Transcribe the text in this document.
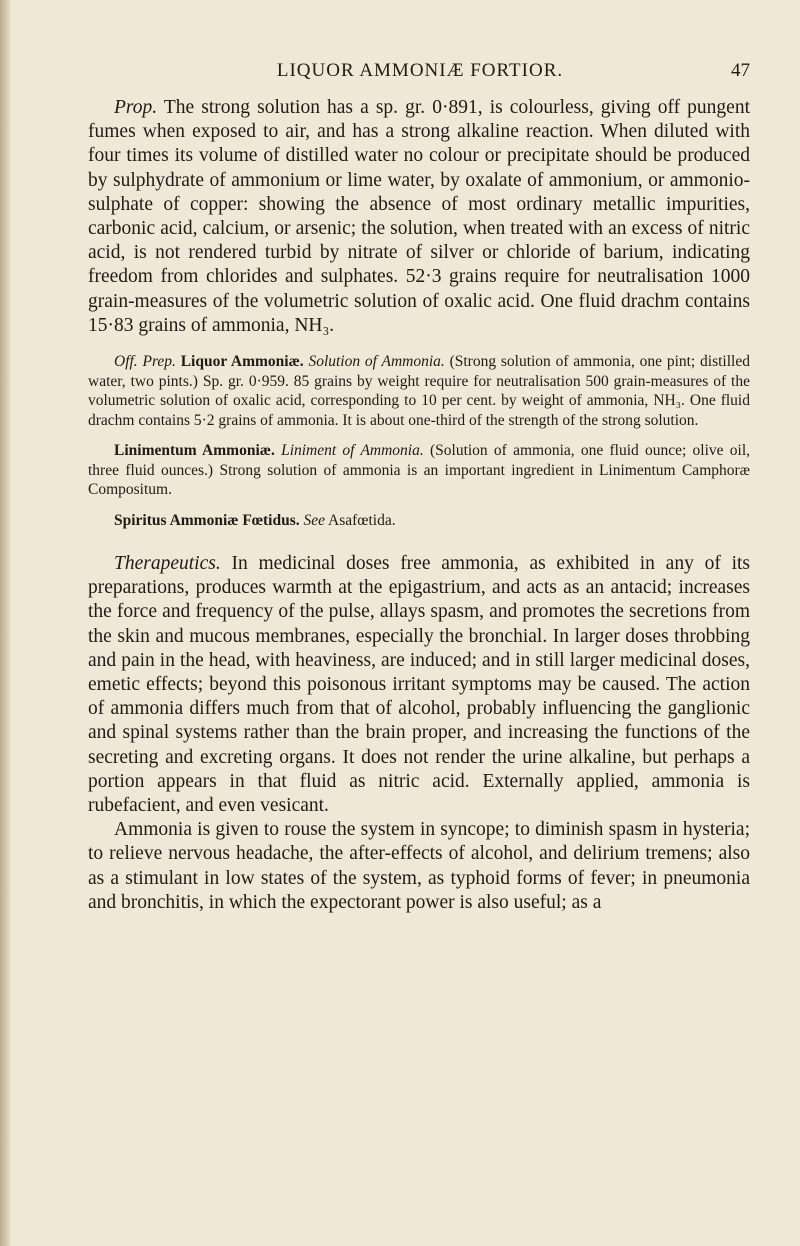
LIQUOR AMMONIÆ FORTIOR.	47

Prop. The strong solution has a sp. gr. 0·891, is colourless, giving off pungent fumes when exposed to air, and has a strong alkaline reaction. When diluted with four times its volume of distilled water no colour or precipitate should be produced by sulphydrate of ammonium or lime water, by oxalate of ammonium, or ammonio-sulphate of copper: showing the absence of most ordinary metallic impurities, carbonic acid, calcium, or arsenic; the solution, when treated with an excess of nitric acid, is not rendered turbid by nitrate of silver or chloride of barium, indicating freedom from chlorides and sulphates. 52·3 grains require for neutralisation 1000 grain-measures of the volumetric solution of oxalic acid. One fluid drachm contains 15·83 grains of ammonia, NH₃.

Off. Prep. Liquor Ammoniæ. Solution of Ammonia. (Strong solution of ammonia, one pint; distilled water, two pints.) Sp. gr. 0·959. 85 grains by weight require for neutralisation 500 grain-measures of the volumetric solution of oxalic acid, corresponding to 10 per cent. by weight of ammonia, NH₃. One fluid drachm contains 5·2 grains of ammonia. It is about one-third of the strength of the strong solution.

Linimentum Ammoniæ. Liniment of Ammonia. (Solution of ammonia, one fluid ounce; olive oil, three fluid ounces.) Strong solution of ammonia is an important ingredient in Linimentum Camphoræ Compositum.

Spiritus Ammoniæ Fœtidus. See Asafœtida.

Therapeutics. In medicinal doses free ammonia, as exhibited in any of its preparations, produces warmth at the epigastrium, and acts as an antacid; increases the force and frequency of the pulse, allays spasm, and promotes the secretions from the skin and mucous membranes, especially the bronchial. In larger doses throbbing and pain in the head, with heaviness, are induced; and in still larger medicinal doses, emetic effects; beyond this poisonous irritant symptoms may be caused. The action of ammonia differs much from that of alcohol, probably influencing the ganglionic and spinal systems rather than the brain proper, and increasing the functions of the secreting and excreting organs. It does not render the urine alkaline, but perhaps a portion appears in that fluid as nitric acid. Externally applied, ammonia is rubefacient, and even vesicant.

Ammonia is given to rouse the system in syncope; to diminish spasm in hysteria; to relieve nervous headache, the after-effects of alcohol, and delirium tremens; also as a stimulant in low states of the system, as typhoid forms of fever; in pneumonia and bronchitis, in which the expectorant power is also useful; as a
